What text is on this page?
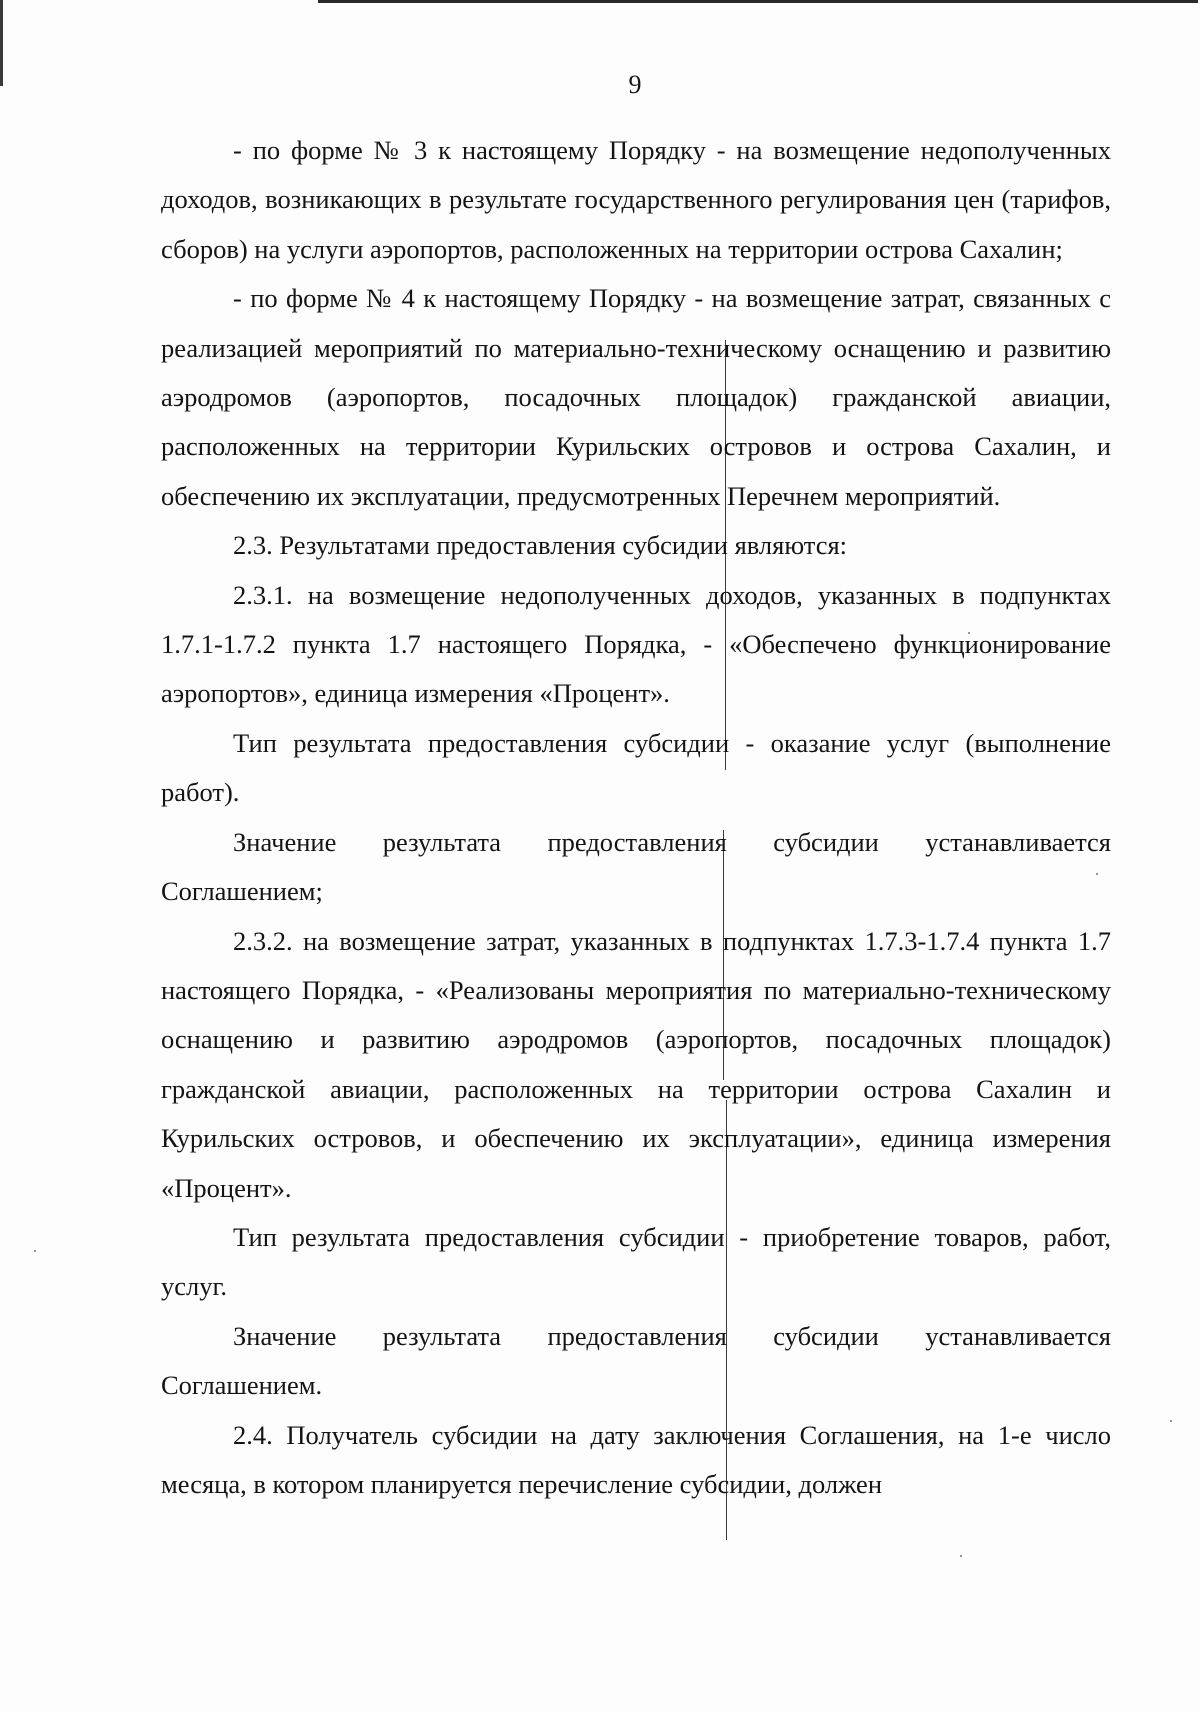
9

- по форме № 3 к настоящему Порядку - на возмещение недополученных доходов, возникающих в результате государственного регулирования цен (тарифов, сборов) на услуги аэропортов, расположенных на территории острова Сахалин;

- по форме № 4 к настоящему Порядку - на возмещение затрат, связанных с реализацией мероприятий по материально-техническому оснащению и развитию аэродромов (аэропортов, посадочных площадок) гражданской авиации, расположенных на территории Курильских островов и острова Сахалин, и обеспечению их эксплуатации, предусмотренных Перечнем мероприятий.

2.3. Результатами предоставления субсидии являются:

2.3.1. на возмещение недополученных доходов, указанных в подпунктах 1.7.1-1.7.2 пункта 1.7 настоящего Порядка, - «Обеспечено функционирование аэропортов», единица измерения «Процент».

Тип результата предоставления субсидии - оказание услуг (выполнение работ).

Значение результата предоставления субсидии устанавливается Соглашением;

2.3.2. на возмещение затрат, указанных в подпунктах 1.7.3-1.7.4 пункта 1.7 настоящего Порядка, - «Реализованы мероприятия по материально-техническому оснащению и развитию аэродромов (аэропортов, посадочных площадок) гражданской авиации, расположенных на территории острова Сахалин и Курильских островов, и обеспечению их эксплуатации», единица измерения «Процент».

Тип результата предоставления субсидии - приобретение товаров, работ, услуг.

Значение результата предоставления субсидии устанавливается Соглашением.

2.4. Получатель субсидии на дату заключения Соглашения, на 1-е число месяца, в котором планируется перечисление субсидии, должен
